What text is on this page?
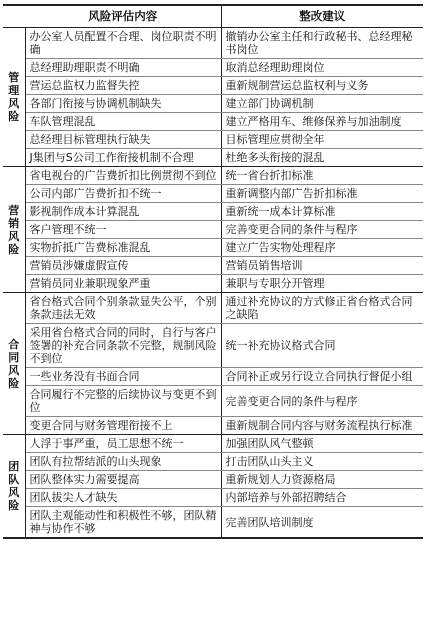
	风险评估内容	整改建议
管理风险	办公室人员配置不合理、岗位职责不明确	撤销办公室主任和行政秘书、总经理秘书岗位
	总经理助理职责不明确	取消总经理助理岗位
	营运总监权力监督失控	重新规制营运总监权利与义务
	各部门衔接与协调机制缺失	建立部门协调机制
	车队管理混乱	建立严格用车、维修保养与加油制度
	总经理目标管理执行缺失	目标管理应贯彻全年
	J集团与S公司工作衔接机制不合理	杜绝多头衔接的混乱
营销风险	省电视台的广告费折扣比例贯彻不到位	统一省台折扣标准
	公司内部广告费折扣不统一	重新调整内部广告折扣标准
	影视制作成本计算混乱	重新统一成本计算标准
	客户管理不统一	完善变更合同的条件与程序
	实物折抵广告费标准混乱	建立广告实物处理程序
	营销员涉嫌虚假宣传	营销员销售培训
	营销员同业兼职现象严重	兼职与专职分开管理
合同风险	省台格式合同个别条款显失公平，个别条款违法无效	通过补充协议的方式修正省台格式合同之缺陷
	采用省台格式合同的同时，自行与客户签署的补充合同条款不完整，规制风险不到位	统一补充协议格式合同
	一些业务没有书面合同	合同补正或另行设立合同执行督促小组
	合同履行不完整的后续协议与变更不到位	完善变更合同的条件与程序
	变更合同与财务管理衔接不上	重新规制合同内容与财务流程执行标准
团队风险	人浮于事严重，员工思想不统一	加强团队风气整顿
	团队有拉帮结派的山头现象	打击团队山头主义
	团队整体实力需要提高	重新规划人力资源格局
	团队拔尖人才缺失	内部培养与外部招聘结合
	团队主观能动性和积极性不够，团队精神与协作不够	完善团队培训制度
